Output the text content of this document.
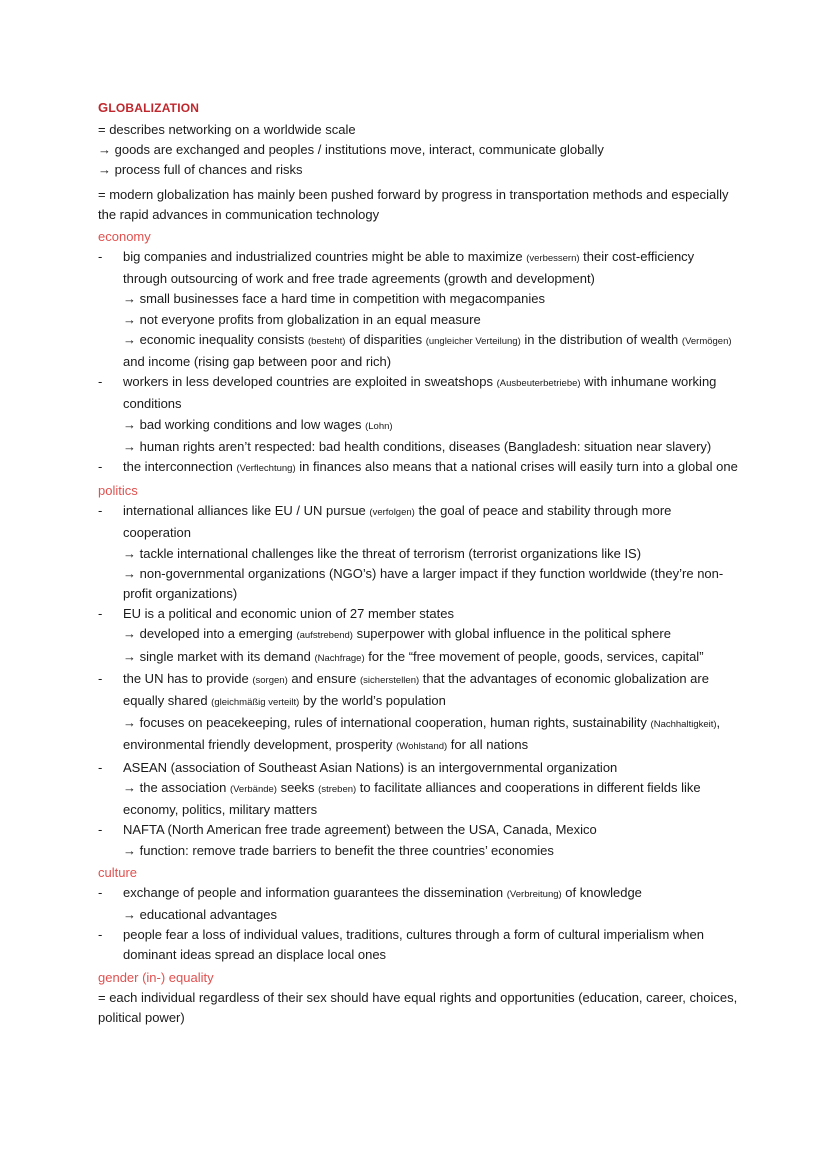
GLOBALIZATION
= describes networking on a worldwide scale
→ goods are exchanged and peoples / institutions move, interact, communicate globally
→ process full of chances and risks
= modern globalization has mainly been pushed forward by progress in transportation methods and especially the rapid advances in communication technology
economy
- big companies and industrialized countries might be able to maximize (verbessern) their cost-efficiency through outsourcing of work and free trade agreements (growth and development)
→ small businesses face a hard time in competition with megacompanies
→ not everyone profits from globalization in an equal measure
→ economic inequality consists (besteht) of disparities (ungleicher Verteilung) in the distribution of wealth (Vermögen) and income (rising gap between poor and rich)
- workers in less developed countries are exploited in sweatshops (Ausbeuterbetriebe) with inhumane working conditions
→ bad working conditions and low wages (Lohn)
→ human rights aren’t respected: bad health conditions, diseases (Bangladesh: situation near slavery)
- the interconnection (Verflechtung) in finances also means that a national crises will easily turn into a global one
politics
- international alliances like EU / UN pursue (verfolgen) the goal of peace and stability through more cooperation
→ tackle international challenges like the threat of terrorism (terrorist organizations like IS)
→ non-governmental organizations (NGO’s) have a larger impact if they function worldwide (they’re non-profit organizations)
- EU is a political and economic union of 27 member states
→ developed into a emerging (aufstrebend) superpower with global influence in the political sphere
→ single market with its demand (Nachfrage) for the “free movement of people, goods, services, capital”
- the UN has to provide (sorgen) and ensure (sicherstellen) that the advantages of economic globalization are equally shared (gleichmäßig verteilt) by the world’s population
→ focuses on peacekeeping, rules of international cooperation, human rights, sustainability (Nachhaltigkeit), environmental friendly development, prosperity (Wohlstand) for all nations
- ASEAN (association of Southeast Asian Nations) is an intergovernmental organization
→ the association (Verbände) seeks (streben) to facilitate alliances and cooperations in different fields like economy, politics, military matters
- NAFTA (North American free trade agreement) between the USA, Canada, Mexico
→ function: remove trade barriers to benefit the three countries’ economies
culture
- exchange of people and information guarantees the dissemination (Verbreitung) of knowledge
→ educational advantages
- people fear a loss of individual values, traditions, cultures through a form of cultural imperialism when dominant ideas spread an displace local ones
gender (in-) equality
= each individual regardless of their sex should have equal rights and opportunities (education, career, choices, political power)
